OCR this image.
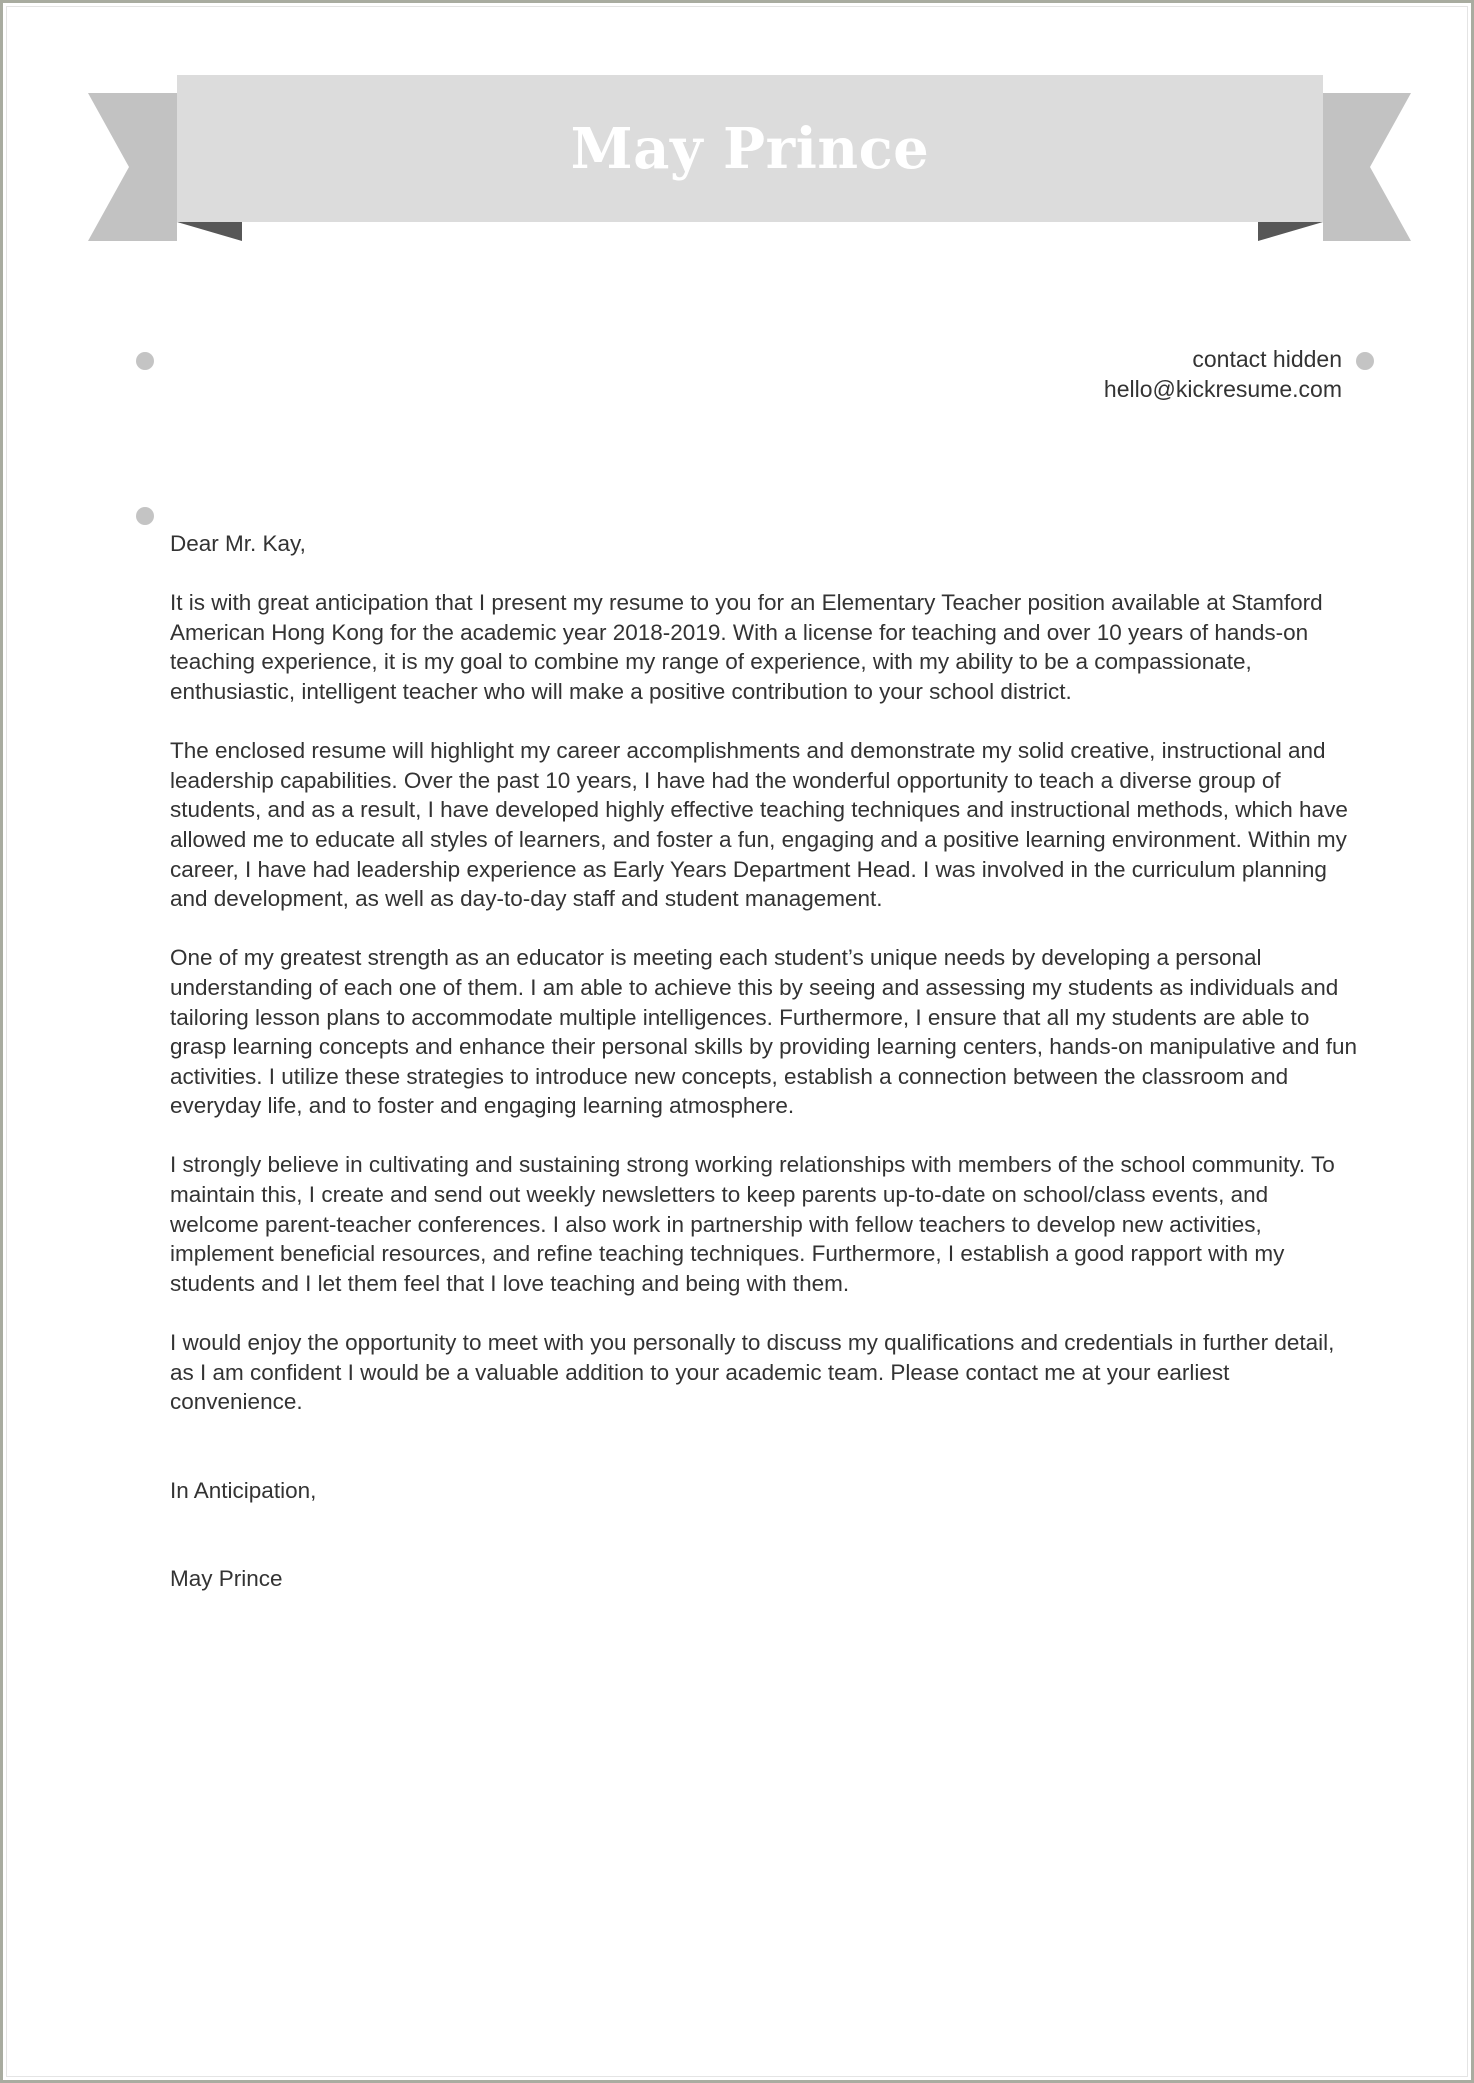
May Prince
contact hidden
hello@kickresume.com

Dear Mr. Kay,

It is with great anticipation that I present my resume to you for an Elementary Teacher position available at Stamford American Hong Kong for the academic year 2018-2019. With a license for teaching and over 10 years of hands-on teaching experience, it is my goal to combine my range of experience, with my ability to be a compassionate, enthusiastic, intelligent teacher who will make a positive contribution to your school district.

The enclosed resume will highlight my career accomplishments and demonstrate my solid creative, instructional and leadership capabilities. Over the past 10 years, I have had the wonderful opportunity to teach a diverse group of students, and as a result, I have developed highly effective teaching techniques and instructional methods, which have allowed me to educate all styles of learners, and foster a fun, engaging and a positive learning environment. Within my career, I have had leadership experience as Early Years Department Head. I was involved in the curriculum planning and development, as well as day-to-day staff and student management.

One of my greatest strength as an educator is meeting each student’s unique needs by developing a personal understanding of each one of them. I am able to achieve this by seeing and assessing my students as individuals and tailoring lesson plans to accommodate multiple intelligences. Furthermore, I ensure that all my students are able to grasp learning concepts and enhance their personal skills by providing learning centers, hands-on manipulative and fun activities. I utilize these strategies to introduce new concepts, establish a connection between the classroom and everyday life, and to foster and engaging learning atmosphere.

I strongly believe in cultivating and sustaining strong working relationships with members of the school community. To maintain this, I create and send out weekly newsletters to keep parents up-to-date on school/class events, and welcome parent-teacher conferences. I also work in partnership with fellow teachers to develop new activities, implement beneficial resources, and refine teaching techniques. Furthermore, I establish a good rapport with my students and I let them feel that I love teaching and being with them.

I would enjoy the opportunity to meet with you personally to discuss my qualifications and credentials in further detail, as I am confident I would be a valuable addition to your academic team. Please contact me at your earliest convenience.

In Anticipation,

May Prince
